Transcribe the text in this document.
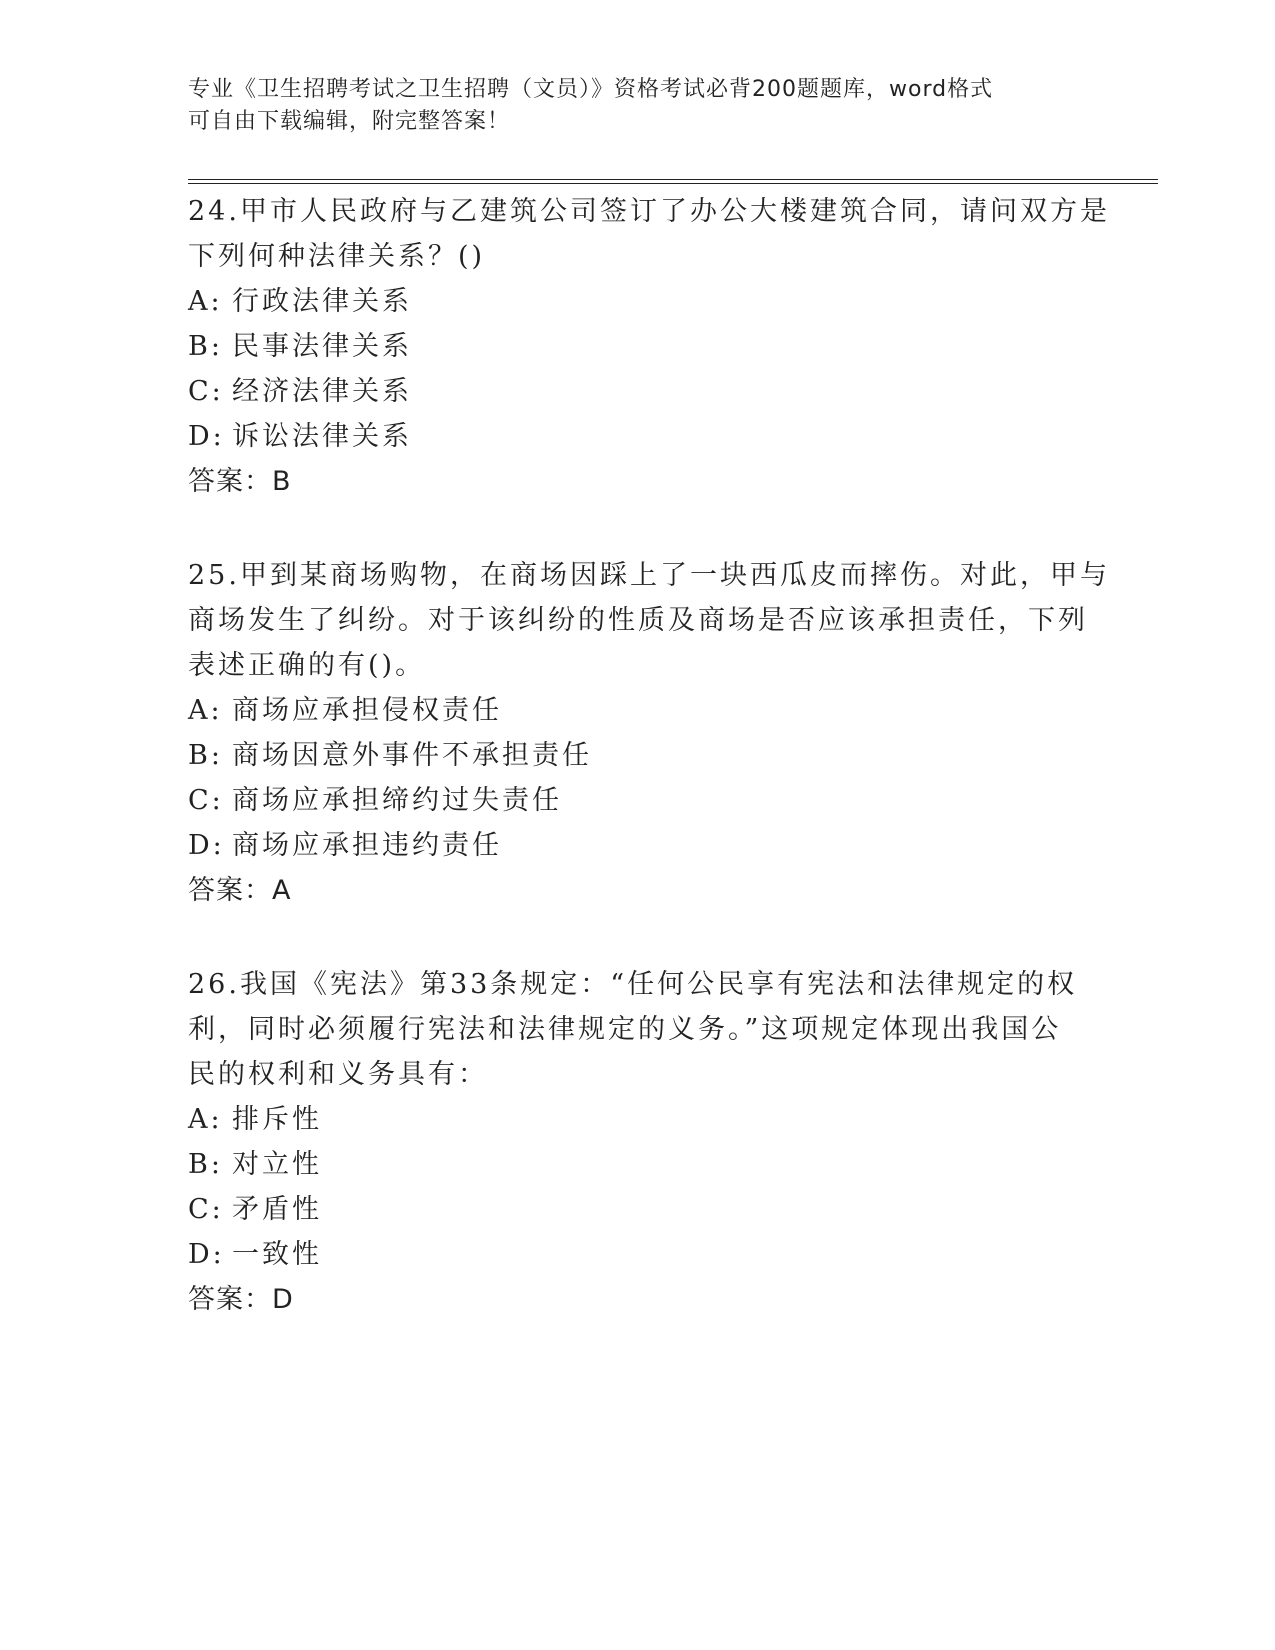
专业《卫生招聘考试之卫生招聘（文员）》资格考试必背200题题库，word格式
可自由下载编辑，附完整答案！
24.甲市人民政府与乙建筑公司签订了办公大楼建筑合同，请问双方是
下列何种法律关系？()
A: 行政法律关系
B: 民事法律关系
C: 经济法律关系
D: 诉讼法律关系
答案：B
25.甲到某商场购物，在商场因踩上了一块西瓜皮而摔伤。对此，甲与
商场发生了纠纷。对于该纠纷的性质及商场是否应该承担责任，下列
表述正确的有()。
A: 商场应承担侵权责任
B: 商场因意外事件不承担责任
C: 商场应承担缔约过失责任
D: 商场应承担违约责任
答案：A
26.我国《宪法》第33条规定：“任何公民享有宪法和法律规定的权
利，同时必须履行宪法和法律规定的义务。”这项规定体现出我国公
民的权利和义务具有：
A: 排斥性
B: 对立性
C: 矛盾性
D: 一致性
答案：D
